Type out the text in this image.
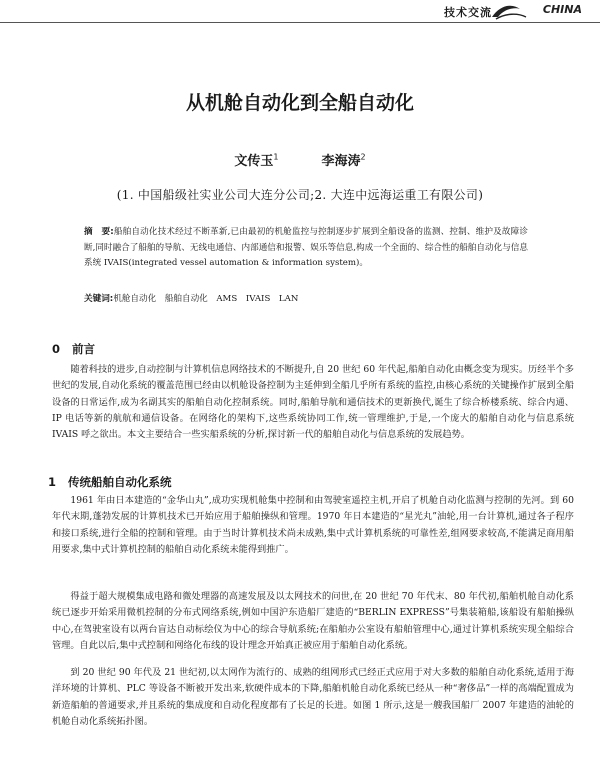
技术交流	CHINA
从机舱自动化到全船自动化
文传玉$^1$	李海涛$^2$
(1. 中国船级社实业公司大连分公司;2. 大连中远海运重工有限公司)
摘　要:船舶自动化技术经过不断革新,已由最初的机舱监控与控制逐步扩展到全船设备的监测、控制、维护及故障诊断,同时融合了船舶的导航、无线电通信、内部通信和报警、娱乐等信息,构成一个全面的、综合性的船舶自动化与信息系统 IVAIS(integrated vessel automation & information system)。
关键词:机舱自动化　船舶自动化　AMS　IVAIS　LAN
0 前言
随着科技的进步,自动控制与计算机信息网络技术的不断提升,自 20 世纪 60 年代起,船舶自动化由概念变为现实。历经半个多世纪的发展,自动化系统的覆盖范围已经由以机舱设备控制为主延伸到全船几乎所有系统的监控,由核心系统的关键操作扩展到全船设备的日常运作,成为名副其实的船舶自动化控制系统。同时,船舶导航和通信技术的更新换代,诞生了综合桥楼系统、综合内通、IP 电话等新的航航和通信设备。在网络化的架构下,这些系统协同工作,统一管理维护,于是,一个庞大的船舶自动化与信息系统 IVAIS 呼之欲出。本文主要结合一些实船系统的分析,探讨新一代的船舶自动化与信息系统的发展趋势。
1 传统船舶自动化系统
1961 年由日本建造的“金华山丸”,成功实现机舱集中控制和由驾驶室遥控主机,开启了机舱自动化监测与控制的先河。到 60 年代末期,蓬勃发展的计算机技术已开始应用于船舶操纵和管理。1970 年日本建造的“星光丸”油轮,用一台计算机,通过各子程序和接口系统,进行全船的控制和管理。由于当时计算机技术尚未成熟,集中式计算机系统的可靠性差,组网要求较高,不能满足商用船用要求,集中式计算机控制的船舶自动化系统未能得到推广。
得益于超大规模集成电路和微处理器的高速发展及以太网技术的问世,在 20 世纪 70 年代末、80 年代初,船舶机舱自动化系统已逐步开始采用微机控制的分布式网络系统,例如中国沪东造船厂建造的“BERLIN EXPRESS”号集装箱船,该船设有船舶操纵中心,在驾驶室设有以两台盲达自动标绘仪为中心的综合导航系统;在船舶办公室设有船舶管理中心,通过计算机系统实现全船综合管理。自此以后,集中式控制和网络化布线的设计理念开始真正被应用于船舶自动化系统。
到 20 世纪 90 年代及 21 世纪初,以太网作为流行的、成熟的组网形式已经正式应用于对大多数的船舶自动化系统,适用于海洋环境的计算机、PLC 等设备不断被开发出来,软硬件成本的下降,船舶机舱自动化系统已经从一种“奢侈品”一样的高端配置成为新造船舶的普通要求,并且系统的集成度和自动化程度都有了长足的长进。如图 1 所示,这是一艘我国船厂 2007 年建造的油轮的机舱自动化系统拓扑图。
